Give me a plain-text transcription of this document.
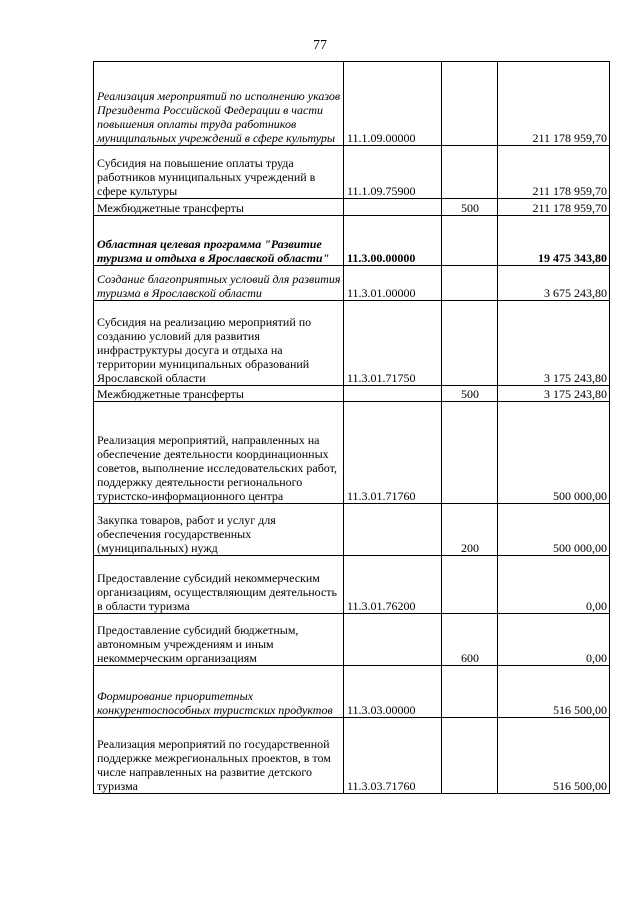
77
Реализация мероприятий по исполнению указов Президента Российской Федерации в части повышения оплаты труда работников муниципальных учреждений в сфере культуры	11.1.09.00000		211 178 959,70
Субсидия на повышение оплаты труда работников муниципальных учреждений в сфере культуры	11.1.09.75900		211 178 959,70
Межбюджетные трансферты		500	211 178 959,70
Областная целевая программа "Развитие туризма и отдыха в Ярославской области"	11.3.00.00000		19 475 343,80
Создание благоприятных условий для развития туризма в Ярославской области	11.3.01.00000		3 675 243,80
Субсидия на реализацию мероприятий по созданию условий для развития инфраструктуры досуга и отдыха на территории муниципальных образований Ярославской области	11.3.01.71750		3 175 243,80
Межбюджетные трансферты		500	3 175 243,80
Реализация мероприятий, направленных на обеспечение деятельности координационных советов, выполнение исследовательских работ, поддержку деятельности регионального туристско-информационного центра	11.3.01.71760		500 000,00
Закупка товаров, работ и услуг для обеспечения государственных (муниципальных) нужд		200	500 000,00
Предоставление субсидий некоммерческим организациям, осуществляющим деятельность в области туризма	11.3.01.76200		0,00
Предоставление субсидий бюджетным, автономным учреждениям и иным некоммерческим организациям		600	0,00
Формирование приоритетных конкурентоспособных туристских продуктов	11.3.03.00000		516 500,00
Реализация мероприятий по государственной поддержке межрегиональных проектов, в том числе направленных на развитие детского туризма	11.3.03.71760		516 500,00
